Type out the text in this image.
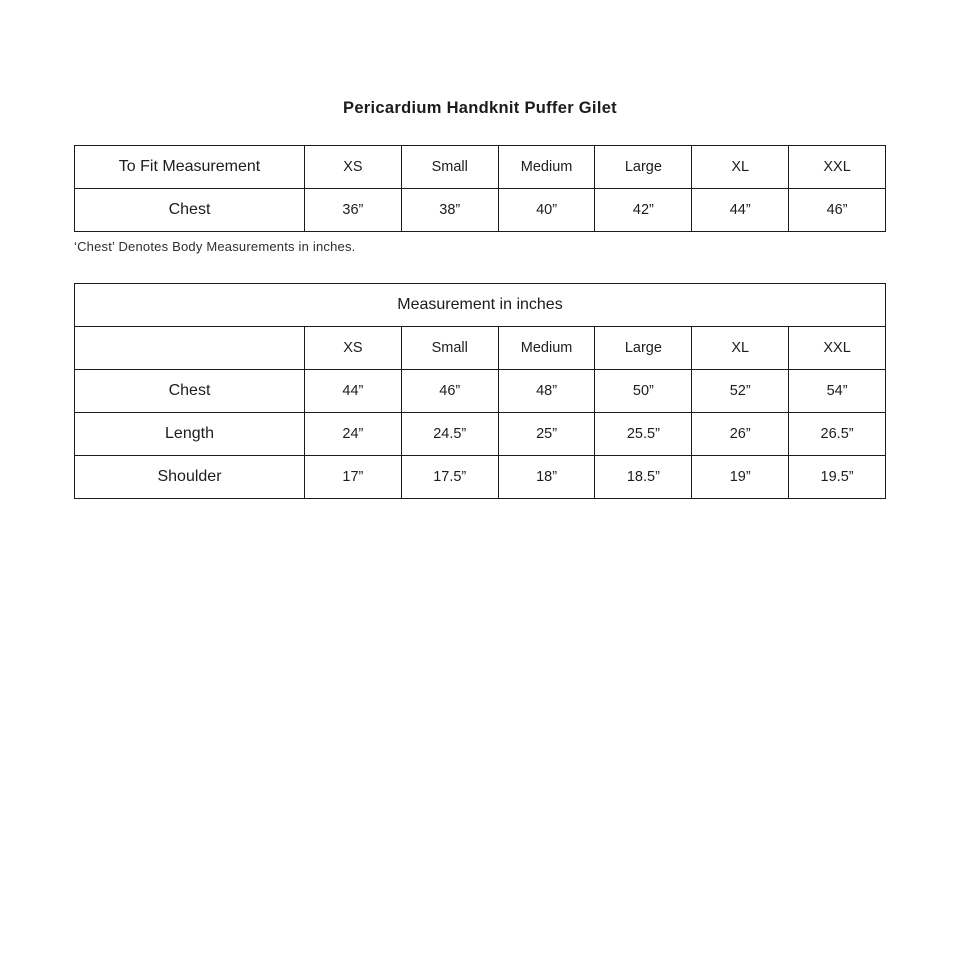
Pericardium Handknit Puffer Gilet
To Fit Measurement	XS	Small	Medium	Large	XL	XXL
Chest	36”	38”	40”	42”	44”	46”
‘Chest’ Denotes Body Measurements in inches.
Measurement in inches						
	XS	Small	Medium	Large	XL	XXL
Chest	44”	46”	48”	50”	52”	54”
Length	24”	24.5”	25”	25.5”	26”	26.5”
Shoulder	17”	17.5”	18”	18.5”	19”	19.5”
